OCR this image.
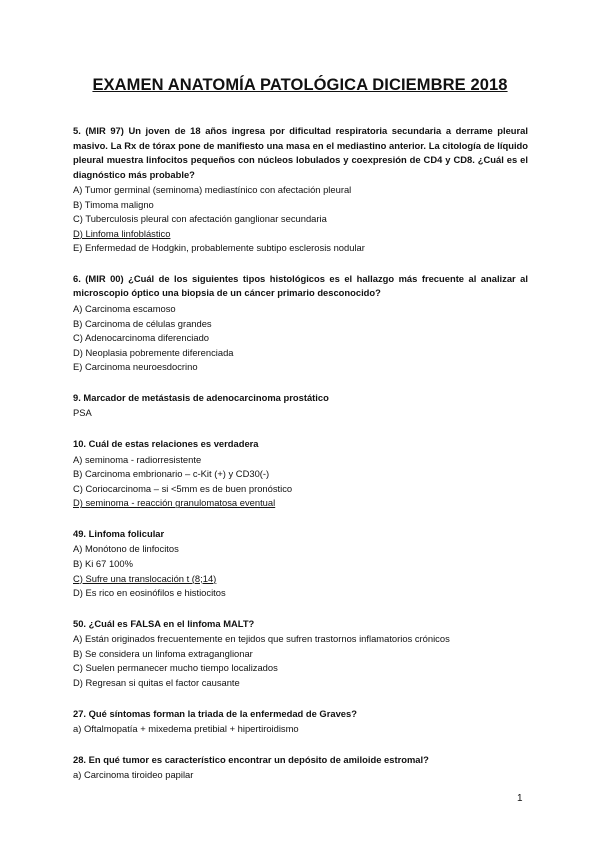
EXAMEN ANATOMÍA PATOLÓGICA DICIEMBRE 2018
5. (MIR 97) Un joven de 18 años ingresa por dificultad respiratoria secundaria a derrame pleural masivo. La Rx de tórax pone de manifiesto una masa en el mediastino anterior. La citología de líquido pleural muestra linfocitos pequeños con núcleos lobulados y coexpresión de CD4 y CD8. ¿Cuál es el diagnóstico más probable?
A) Tumor germinal (seminoma) mediastínico con afectación pleural
B) Timoma maligno
C) Tuberculosis pleural con afectación ganglionar secundaria
D) Linfoma linfoblástico
E) Enfermedad de Hodgkin, probablemente subtipo esclerosis nodular
6. (MIR 00) ¿Cuál de los siguientes tipos histológicos es el hallazgo más frecuente al analizar al microscopio óptico una biopsia de un cáncer primario desconocido?
A) Carcinoma escamoso
B) Carcinoma de células grandes
C) Adenocarcinoma diferenciado
D) Neoplasia pobremente diferenciada
E) Carcinoma neuroesdocrino
9. Marcador de metástasis de adenocarcinoma prostático
PSA
10. Cuál de estas relaciones es verdadera
A) seminoma - radiorresistente
B) Carcinoma embrionario – c-Kit (+) y CD30(-)
C) Coriocarcinoma – si <5mm es de buen pronóstico
D) seminoma - reacción granulomatosa eventual
49. Linfoma folicular
A) Monótono de linfocitos
B) Ki 67 100%
C) Sufre una translocación t (8;14)
D) Es rico en eosinófilos e histiocitos
50. ¿Cuál es FALSA en el linfoma MALT?
A) Están originados frecuentemente en tejidos que sufren trastornos inflamatorios crónicos
B) Se considera un linfoma extraganglionar
C) Suelen permanecer mucho tiempo localizados
D) Regresan si quitas el factor causante
27. Qué síntomas forman la triada de la enfermedad de Graves?
a) Oftalmopatía + mixedema pretibial + hipertiroidismo
28. En qué tumor es característico encontrar un depósito de amiloide estromal?
a) Carcinoma tiroideo papilar
1
